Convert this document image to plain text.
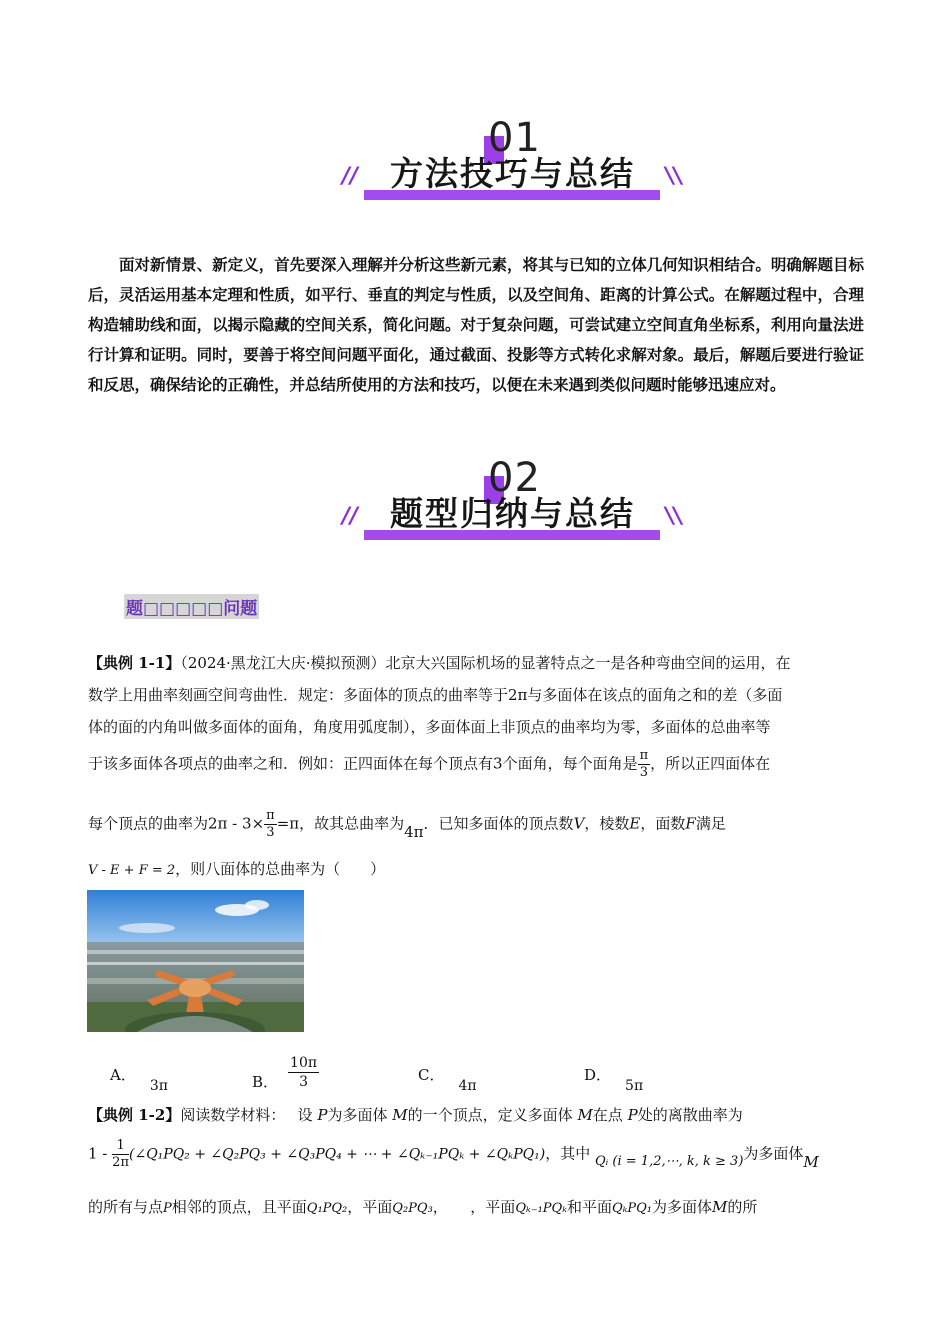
01
方法技巧与总结
//	//
面对新情景、新定义，首先要深入理解并分析这些新元素，将其与已知的立体几何知识相结合。明确解题目标后，灵活运用基本定理和性质，如平行、垂直的判定与性质，以及空间角、距离的计算公式。在解题过程中，合理构造辅助线和面，以揭示隐藏的空间关系，简化问题。对于复杂问题，可尝试建立空间直角坐标系，利用向量法进行计算和证明。同时，要善于将空间问题平面化，通过截面、投影等方式转化求解对象。最后，解题后要进行验证和反思，确保结论的正确性，并总结所使用的方法和技巧，以便在未来遇到类似问题时能够迅速应对。
02
题型归纳与总结
//	//
题□□□□□问题
【典例 1-1】（2024·黑龙江大庆·模拟预测）北京大兴国际机场的显著特点之一是各种弯曲空间的运用，在
数学上用曲率刻画空间弯曲性．规定：多面体的顶点的曲率等于2π与多面体在该点的面角之和的差（多面
体的面的内角叫做多面体的面角，角度用弧度制），多面体面上非顶点的曲率均为零，多面体的总曲率等
于该多面体各项点的曲率之和．例如：正四面体在每个顶点有3个面角，每个面角是 $\frac{\pi}{3}$ ，所以正四面体在
每个顶点的曲率为$2\pi - 3\times \frac{\pi}{3} =\pi$，故其总曲率为4π．已知多面体的顶点数V，棱数E，面数F满足
V - E + F = 2，则八面体的总曲率为（　　）
A．3π	B． $\frac{10\pi}{3}$	C．4π
D．5π
【典例 1-2】阅读数学材料：　 设 P为多面体 M的一个顶点，定义多面体 M在点 P处的离散曲率为
$1 - \frac{1}{2\pi}$ (∠Q₁PQ₂ + ∠Q₂PQ₃ + ∠Q₃PQ₄ + ⋯ + ∠Qₖ₋₁PQₖ + ∠QₖPQ₁)，其中 Qᵢ (i = 1,2,⋯, k, k ≥ 3)为多面体M
的所有与点P相邻的顶点，且平面Q₁PQ₂，平面Q₂PQ₃，　　，平面Qₖ₋₁PQₖ和平面QₖPQ₁为多面体M的所
